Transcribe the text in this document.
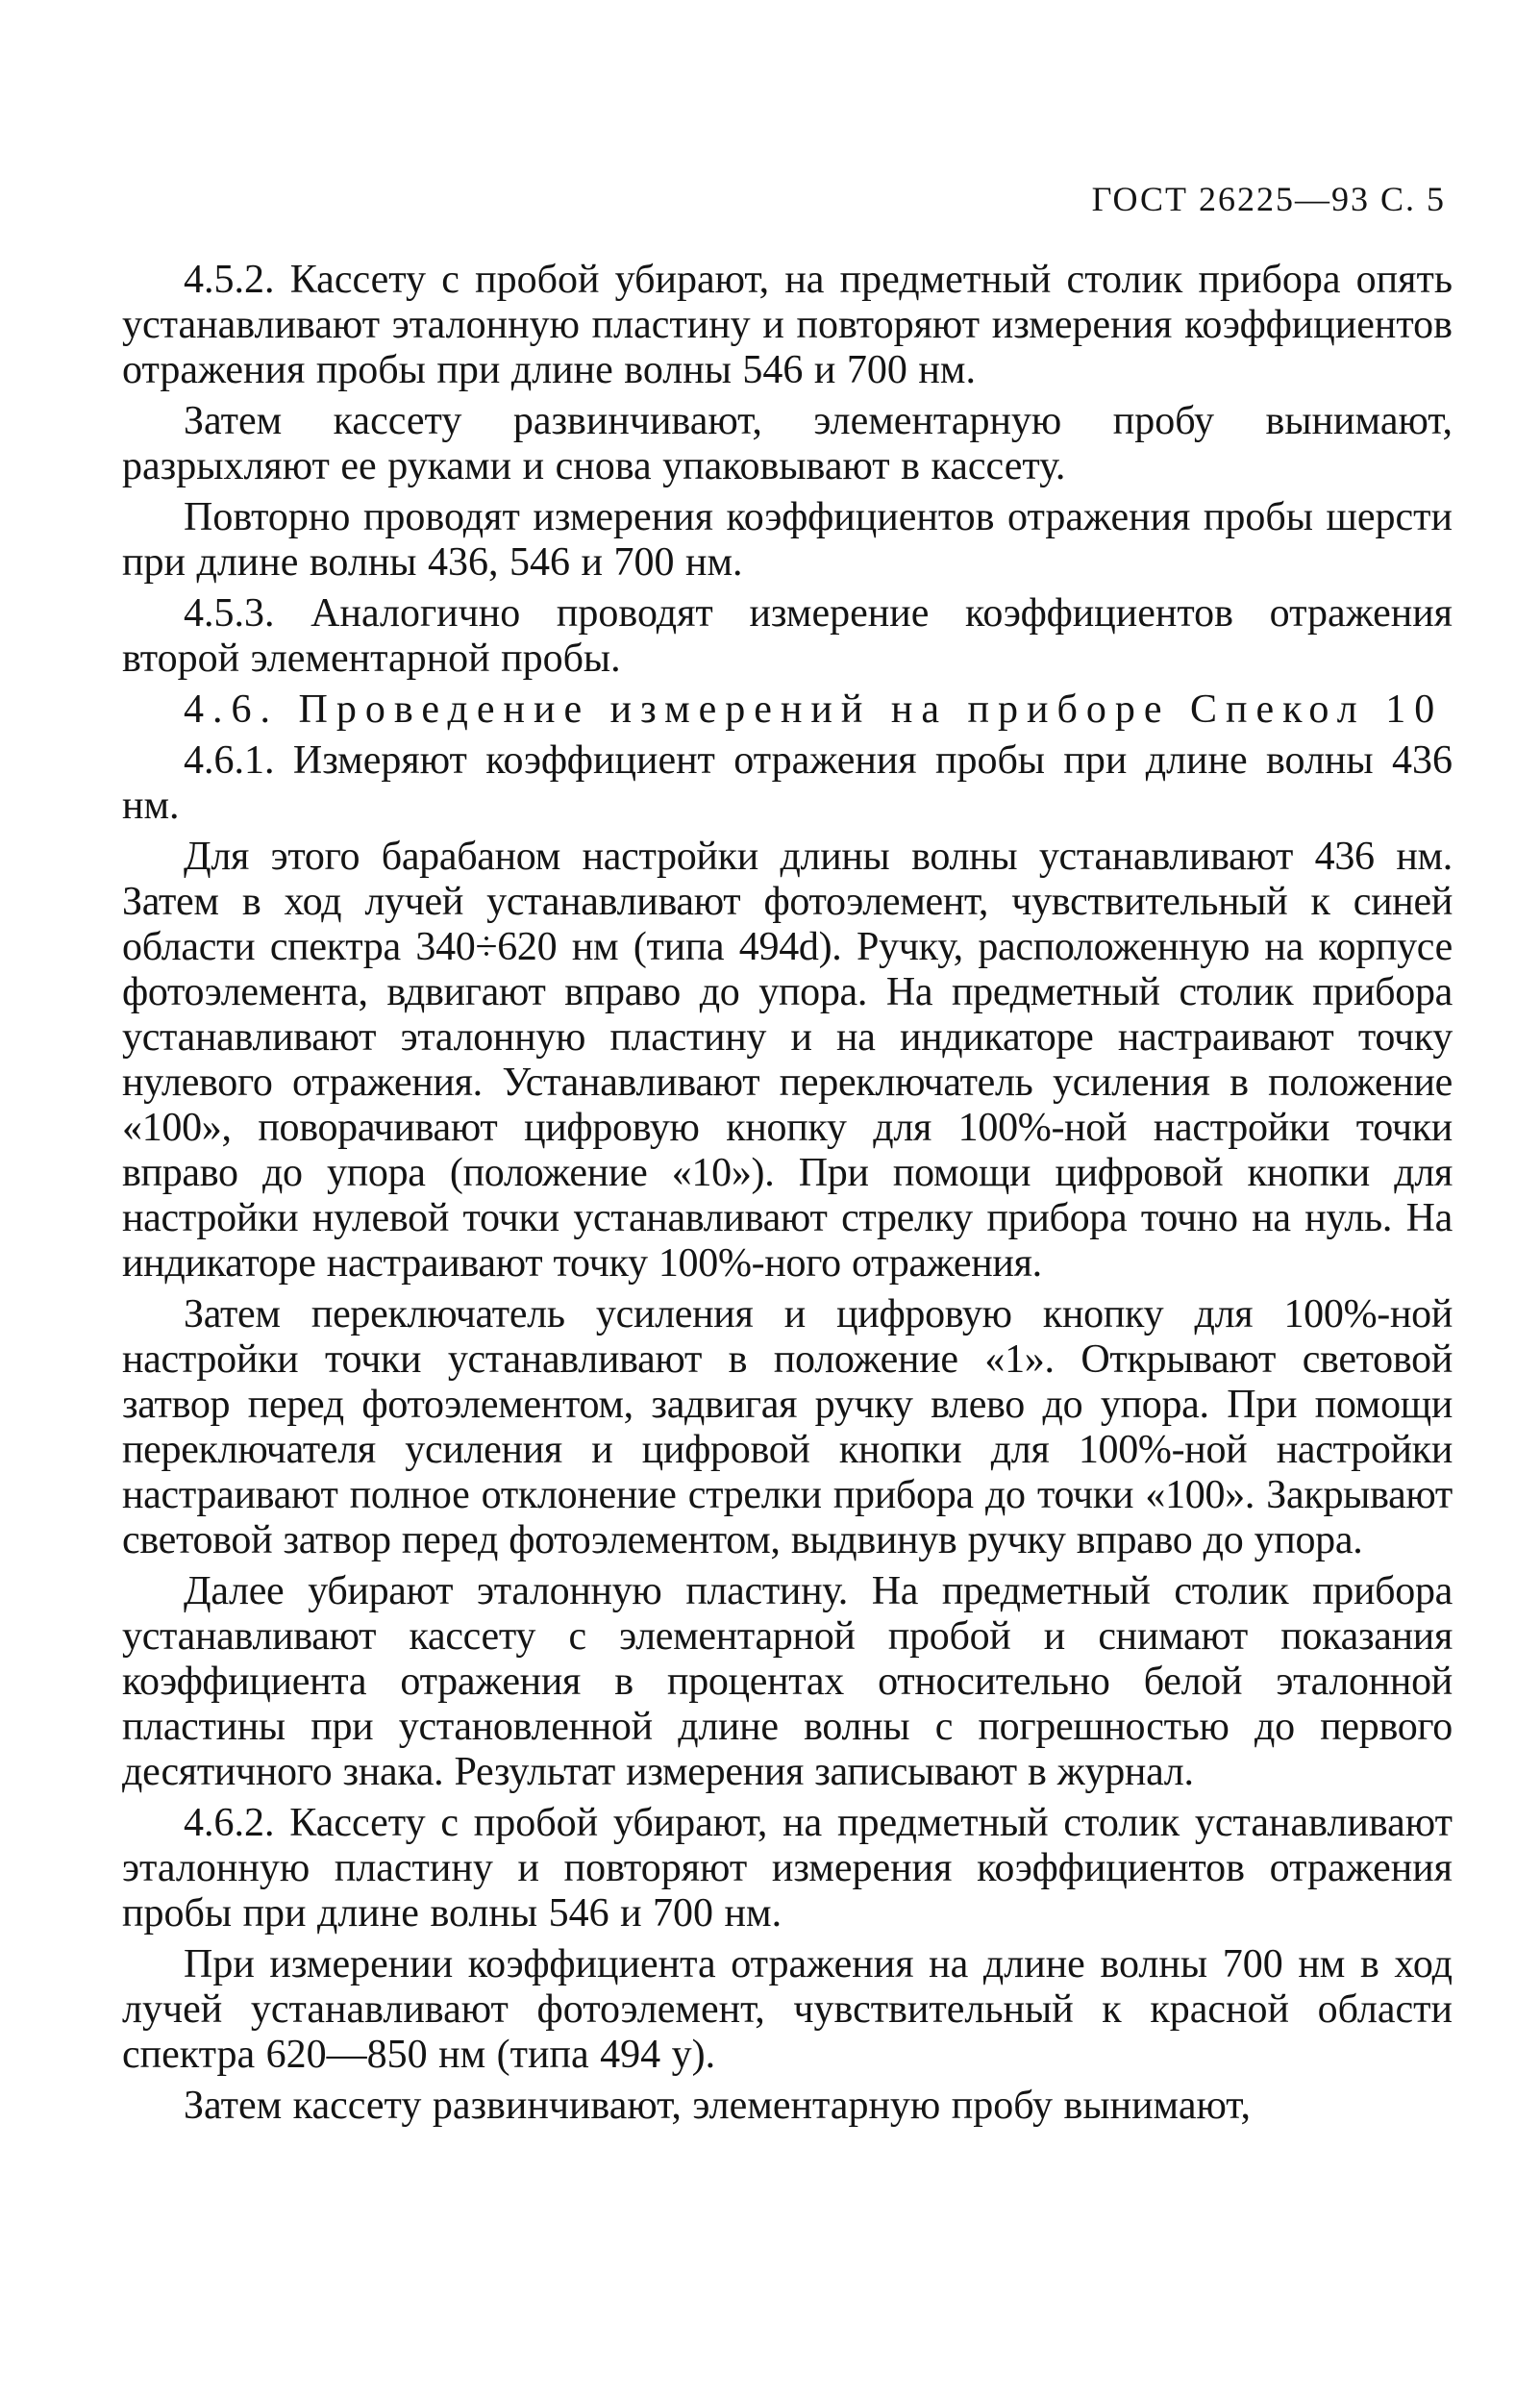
ГОСТ 26225—93 С. 5

4.5.2. Кассету с пробой убирают, на предметный столик прибора опять устанавливают эталонную пластину и повторяют измерения коэффициентов отражения пробы при длине волны 546 и 700 нм.

Затем кассету развинчивают, элементарную пробу вынимают, разрыхляют ее руками и снова упаковывают в кассету.

Повторно проводят измерения коэффициентов отражения пробы шерсти при длине волны 436, 546 и 700 нм.

4.5.3. Аналогично проводят измерение коэффициентов отражения второй элементарной пробы.

4.6. Проведение измерений на приборе Спекол 10

4.6.1. Измеряют коэффициент отражения пробы при длине волны 436 нм.

Для этого барабаном настройки длины волны устанавливают 436 нм. Затем в ход лучей устанавливают фотоэлемент, чувствительный к синей области спектра 340÷620 нм (типа 494d). Ручку, расположенную на корпусе фотоэлемента, вдвигают вправо до упора. На предметный столик прибора устанавливают эталонную пластину и на индикаторе настраивают точку нулевого отражения. Устанавливают переключатель усиления в положение «100», поворачивают цифровую кнопку для 100%-ной настройки точки вправо до упора (положение «10»). При помощи цифровой кнопки для настройки нулевой точки устанавливают стрелку прибора точно на нуль. На индикаторе настраивают точку 100%-ного отражения.

Затем переключатель усиления и цифровую кнопку для 100%-ной настройки точки устанавливают в положение «1». Открывают световой затвор перед фотоэлементом, задвигая ручку влево до упора. При помощи переключателя усиления и цифровой кнопки для 100%-ной настройки настраивают полное отклонение стрелки прибора до точки «100». Закрывают световой затвор перед фотоэлементом, выдвинув ручку вправо до упора.

Далее убирают эталонную пластину. На предметный столик прибора устанавливают кассету с элементарной пробой и снимают показания коэффициента отражения в процентах относительно белой эталонной пластины при установленной длине волны с погрешностью до первого десятичного знака. Результат измерения записывают в журнал.

4.6.2. Кассету с пробой убирают, на предметный столик устанавливают эталонную пластину и повторяют измерения коэффициентов отражения пробы при длине волны 546 и 700 нм.

При измерении коэффициента отражения на длине волны 700 нм в ход лучей устанавливают фотоэлемент, чувствительный к красной области спектра 620—850 нм (типа 494 у).

Затем кассету развинчивают, элементарную пробу вынимают,
